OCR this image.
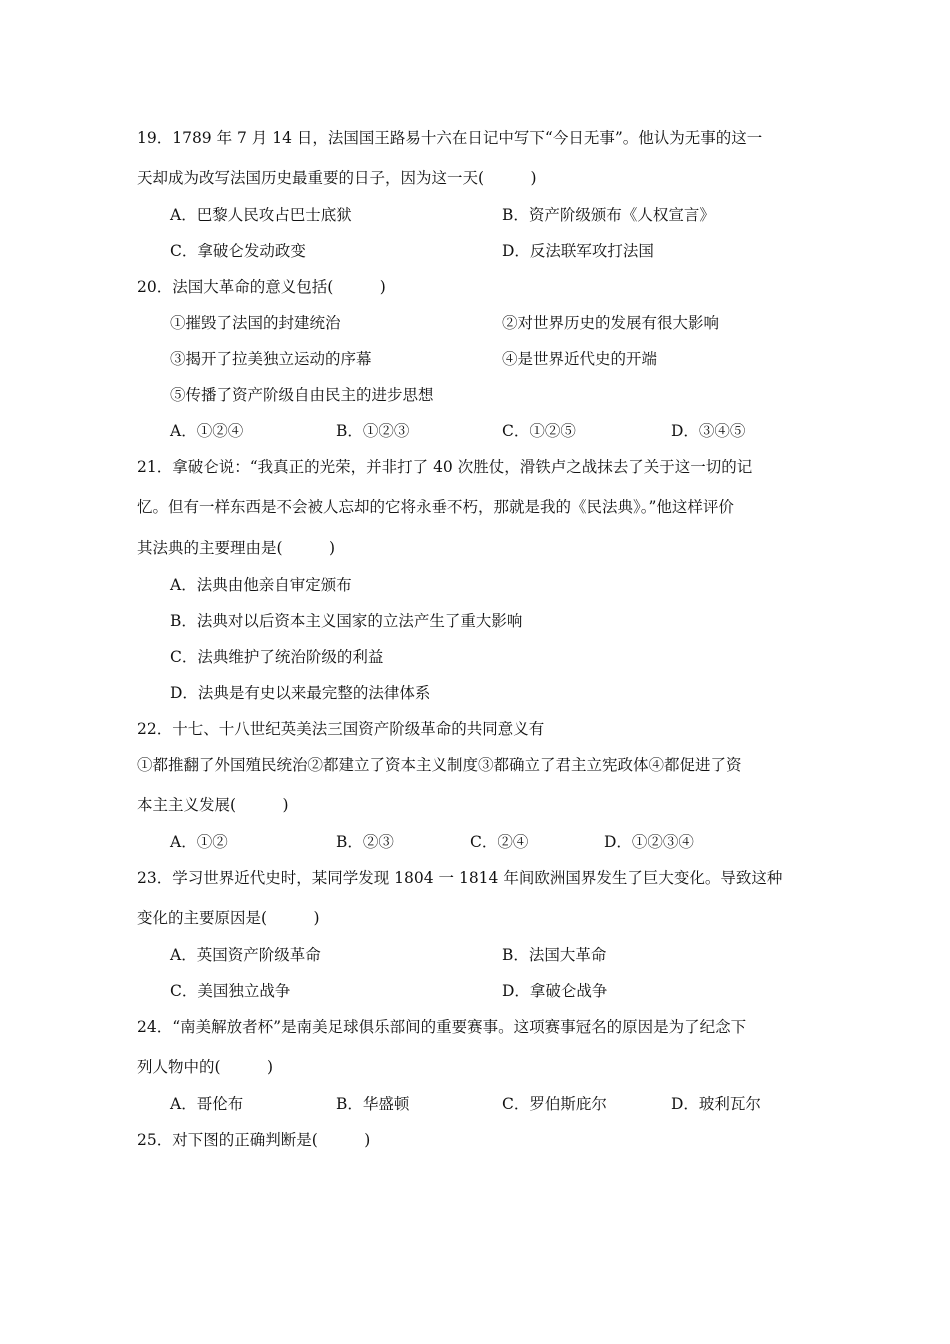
19．1789 年 7 月 14 日，法国国王路易十六在日记中写下“今日无事”。他认为无事的这一
天却成为改写法国历史最重要的日子，因为这一天(　　　)
A．巴黎人民攻占巴士底狱	B．资产阶级颁布《人权宣言》
C．拿破仑发动政变	D．反法联军攻打法国
20．法国大革命的意义包括(　　　)
①摧毁了法国的封建统治	②对世界历史的发展有很大影响
③揭开了拉美独立运动的序幕	④是世界近代史的开端
⑤传播了资产阶级自由民主的进步思想
A．①②④	B．①②③	C．①②⑤	D．③④⑤
21．拿破仑说：“我真正的光荣，并非打了 40 次胜仗，滑铁卢之战抹去了关于这一切的记
忆。但有一样东西是不会被人忘却的它将永垂不朽，那就是我的《民法典》。”他这样评价
其法典的主要理由是(　　　)
A．法典由他亲自审定颁布
B．法典对以后资本主义国家的立法产生了重大影响
C．法典维护了统治阶级的利益
D．法典是有史以来最完整的法律体系
22．十七、十八世纪英美法三国资产阶级革命的共同意义有
①都推翻了外国殖民统治②都建立了资本主义制度③都确立了君主立宪政体④都促进了资
本主主义发展(　　　)
A．①②	B．②③	C．②④	D．①②③④
23．学习世界近代史时，某同学发现 1804 一 1814 年间欧洲国界发生了巨大变化。导致这种
变化的主要原因是(　　　)
A．英国资产阶级革命	B．法国大革命
C．美国独立战争	D．拿破仑战争
24．“南美解放者杯”是南美足球俱乐部间的重要赛事。这项赛事冠名的原因是为了纪念下
列人物中的(　　　)
A．哥伦布	B．华盛顿	C．罗伯斯庇尔	D．玻利瓦尔
25．对下图的正确判断是(　　　)
